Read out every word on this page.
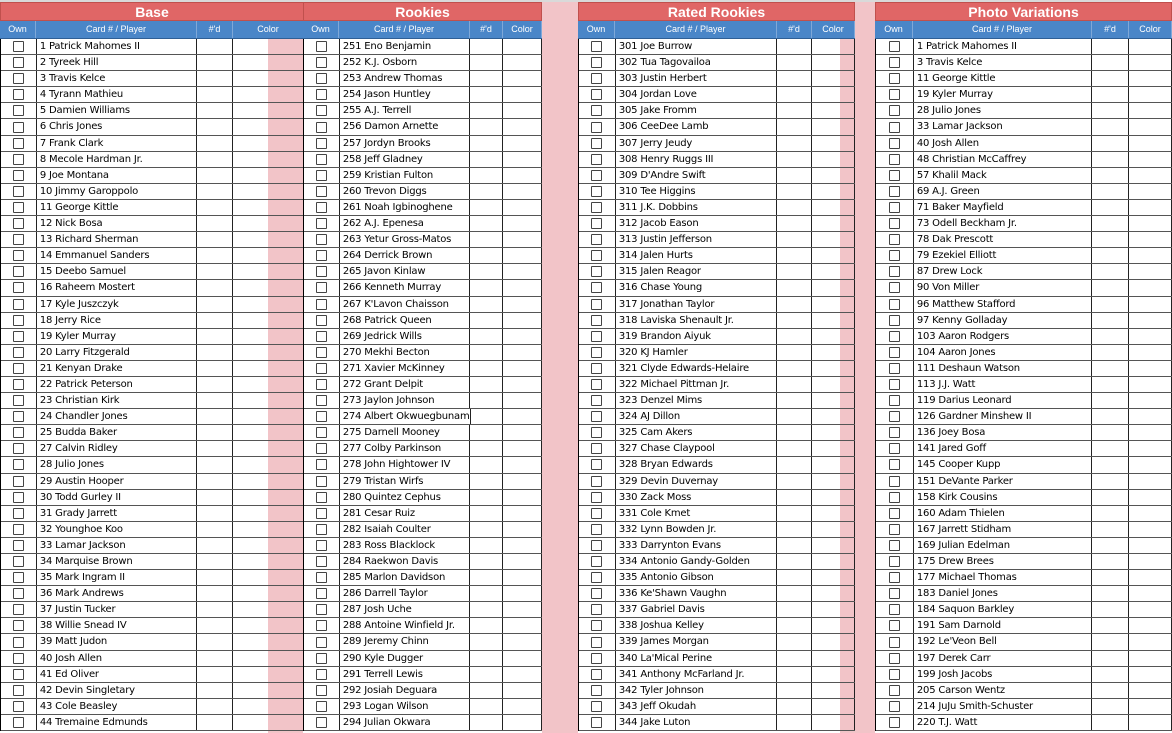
Base
Own	Card # / Player	#'d	Color
1 Patrick Mahomes II
2 Tyreek Hill
3 Travis Kelce
4 Tyrann Mathieu
5 Damien Williams
6 Chris Jones
7 Frank Clark
8 Mecole Hardman Jr.
9 Joe Montana
10 Jimmy Garoppolo
11 George Kittle
12 Nick Bosa
13 Richard Sherman
14 Emmanuel Sanders
15 Deebo Samuel
16 Raheem Mostert
17 Kyle Juszczyk
18 Jerry Rice
19 Kyler Murray
20 Larry Fitzgerald
21 Kenyan Drake
22 Patrick Peterson
23 Christian Kirk
24 Chandler Jones
25 Budda Baker
27 Calvin Ridley
28 Julio Jones
29 Austin Hooper
30 Todd Gurley II
31 Grady Jarrett
32 Younghoe Koo
33 Lamar Jackson
34 Marquise Brown
35 Mark Ingram II
36 Mark Andrews
37 Justin Tucker
38 Willie Snead IV
39 Matt Judon
40 Josh Allen
41 Ed Oliver
42 Devin Singletary
43 Cole Beasley
44 Tremaine Edmunds
Rookies
Own	Card # / Player	#'d	Color
251 Eno Benjamin
252 K.J. Osborn
253 Andrew Thomas
254 Jason Huntley
255 A.J. Terrell
256 Damon Arnette
257 Jordyn Brooks
258 Jeff Gladney
259 Kristian Fulton
260 Trevon Diggs
261 Noah Igbinoghene
262 A.J. Epenesa
263 Yetur Gross-Matos
264 Derrick Brown
265 Javon Kinlaw
266 Kenneth Murray
267 K'Lavon Chaisson
268 Patrick Queen
269 Jedrick Wills
270 Mekhi Becton
271 Xavier McKinney
272 Grant Delpit
273 Jaylon Johnson
274 Albert Okwuegbunam
275 Darnell Mooney
277 Colby Parkinson
278 John Hightower IV
279 Tristan Wirfs
280 Quintez Cephus
281 Cesar Ruiz
282 Isaiah Coulter
283 Ross Blacklock
284 Raekwon Davis
285 Marlon Davidson
286 Darrell Taylor
287 Josh Uche
288 Antoine Winfield Jr.
289 Jeremy Chinn
290 Kyle Dugger
291 Terrell Lewis
292 Josiah Deguara
293 Logan Wilson
294 Julian Okwara
Rated Rookies
Own	Card # / Player	#'d	Color
301 Joe Burrow
302 Tua Tagovailoa
303 Justin Herbert
304 Jordan Love
305 Jake Fromm
306 CeeDee Lamb
307 Jerry Jeudy
308 Henry Ruggs III
309 D'Andre Swift
310 Tee Higgins
311 J.K. Dobbins
312 Jacob Eason
313 Justin Jefferson
314 Jalen Hurts
315 Jalen Reagor
316 Chase Young
317 Jonathan Taylor
318 Laviska Shenault Jr.
319 Brandon Aiyuk
320 KJ Hamler
321 Clyde Edwards-Helaire
322 Michael Pittman Jr.
323 Denzel Mims
324 AJ Dillon
325 Cam Akers
327 Chase Claypool
328 Bryan Edwards
329 Devin Duvernay
330 Zack Moss
331 Cole Kmet
332 Lynn Bowden Jr.
333 Darrynton Evans
334 Antonio Gandy-Golden
335 Antonio Gibson
336 Ke'Shawn Vaughn
337 Gabriel Davis
338 Joshua Kelley
339 James Morgan
340 La'Mical Perine
341 Anthony McFarland Jr.
342 Tyler Johnson
343 Jeff Okudah
344 Jake Luton
Photo Variations
Own	Card # / Player	#'d	Color
1 Patrick Mahomes II
3 Travis Kelce
11 George Kittle
19 Kyler Murray
28 Julio Jones
33 Lamar Jackson
40 Josh Allen
48 Christian McCaffrey
57 Khalil Mack
69 A.J. Green
71 Baker Mayfield
73 Odell Beckham Jr.
78 Dak Prescott
79 Ezekiel Elliott
87 Drew Lock
90 Von Miller
96 Matthew Stafford
97 Kenny Golladay
103 Aaron Rodgers
104 Aaron Jones
111 Deshaun Watson
113 J.J. Watt
119 Darius Leonard
126 Gardner Minshew II
136 Joey Bosa
141 Jared Goff
145 Cooper Kupp
151 DeVante Parker
158 Kirk Cousins
160 Adam Thielen
167 Jarrett Stidham
169 Julian Edelman
175 Drew Brees
177 Michael Thomas
183 Daniel Jones
184 Saquon Barkley
191 Sam Darnold
192 Le'Veon Bell
197 Derek Carr
199 Josh Jacobs
205 Carson Wentz
214 JuJu Smith-Schuster
220 T.J. Watt
